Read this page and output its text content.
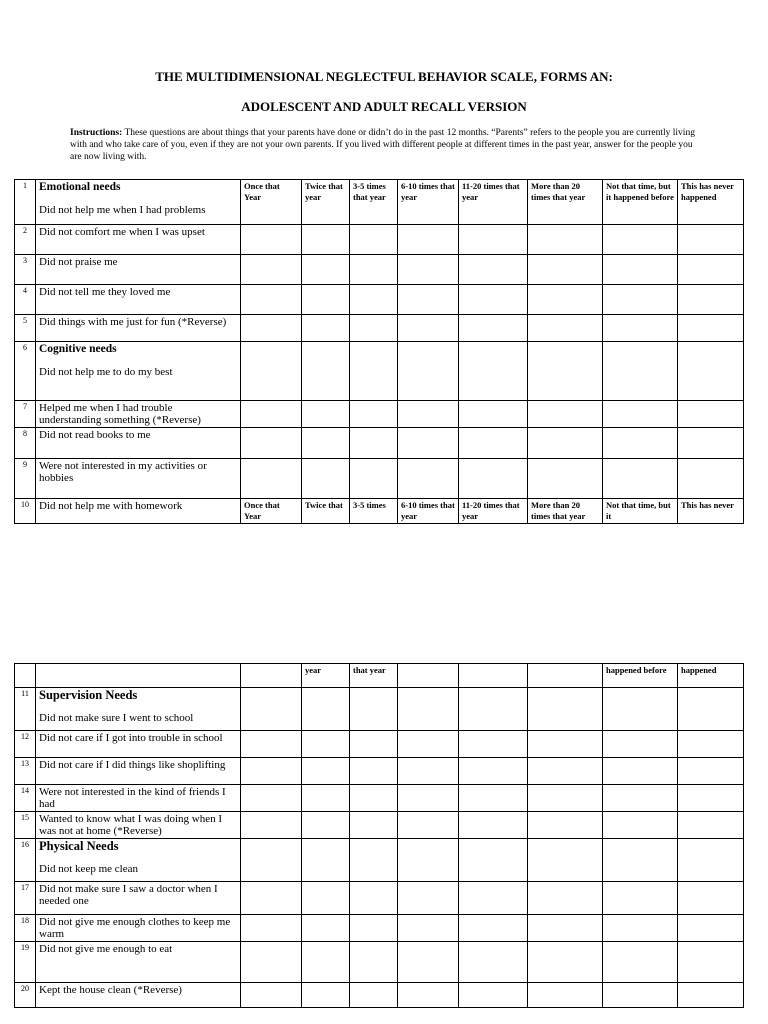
THE MULTIDIMENSIONAL NEGLECTFUL BEHAVIOR SCALE, FORMS AN:
ADOLESCENT AND ADULT RECALL VERSION
Instructions: These questions are about things that your parents have done or didn’t do in the past 12 months. “Parents” refers to the people you are currently living with and who take care of you, even if they are not your own parents. If you lived with different people at different times in the past year, answer for the people you are now living with.
1	Emotional needs
Did not help me when I had problems	Once that Year	Twice that year	3-5 times that year	6-10 times that year	11-20 times that year	More than 20 times that year	Not that time, but it happened before	This has never happened
2	Did not comfort me when I was upset								
3	Did not praise me								
4	Did not tell me they loved me								
5	Did things with me just for fun (*Reverse)								
6	Cognitive needs
Did not help me to do my best								
7	Helped me when I had trouble understanding something (*Reverse)								
8	Did not read books to me								
9	Were not interested in my activities or hobbies								
10	Did not help me with homework	Once that Year	Twice that	3-5 times	6-10 times that year	11-20 times that year	More than 20 times that year	Not that time, but it	This has never
			year	that year				happened before	happened
11	Supervision Needs
Did not make sure I went to school								
12	Did not care if I got into trouble in school								
13	Did not care if I did things like shoplifting								
14	Were not interested in the kind of friends I had								
15	Wanted to know what I was doing when I was not at home (*Reverse)								
16	Physical Needs
Did not keep me clean								
17	Did not make sure I saw a doctor when I needed one								
18	Did not give me enough clothes to keep me warm								
19	Did not give me enough to eat								
20	Kept the house clean (*Reverse)								
